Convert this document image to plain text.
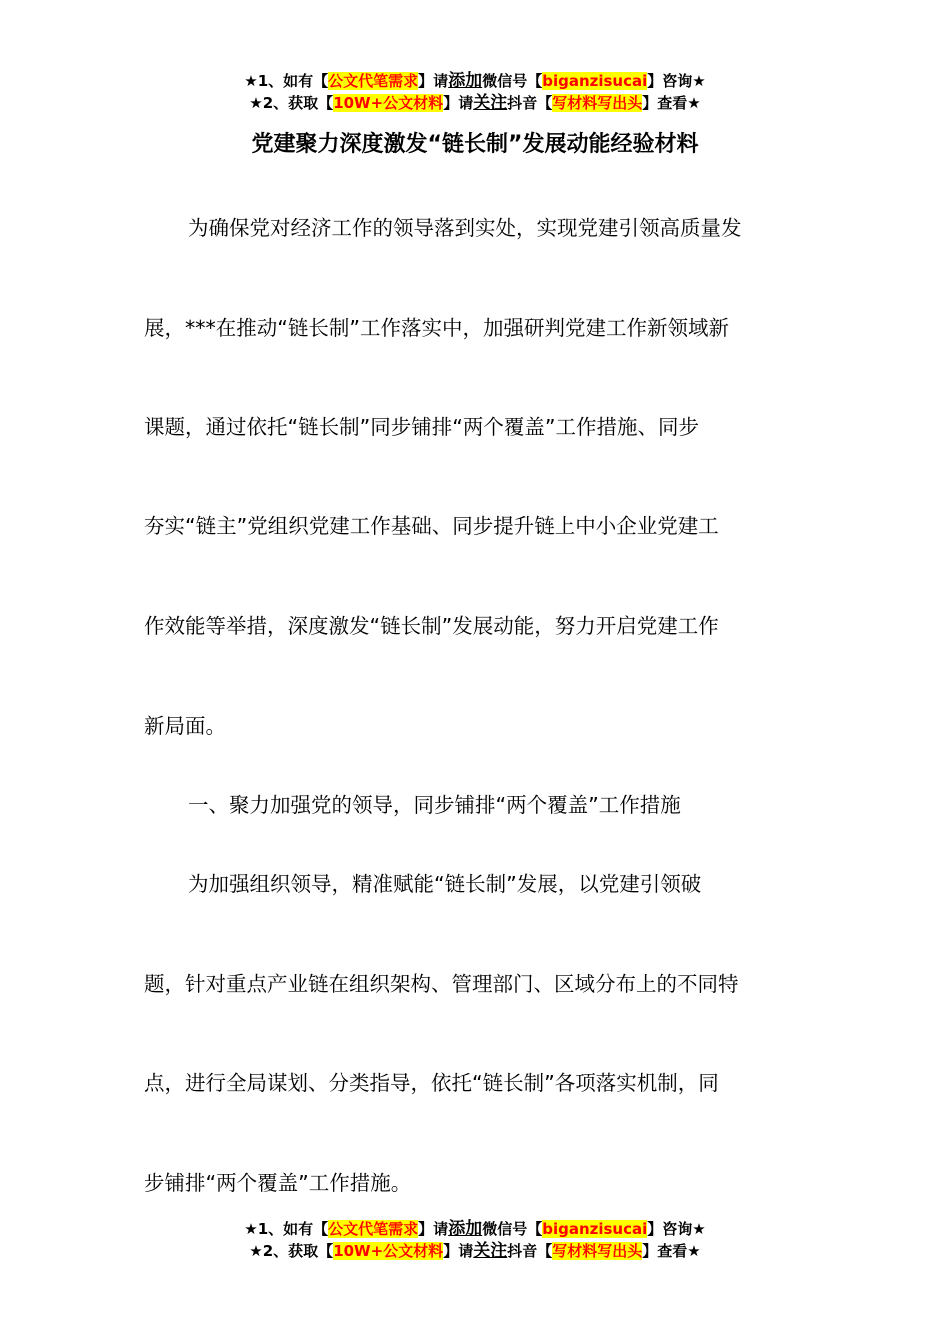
★1、如有【公文代笔需求】请添加微信号【biganzisucai】咨询★
★2、获取【10W+公文材料】请关注抖音【写材料写出头】查看★
党建聚力深度激发“链长制”发展动能经验材料
为确保党对经济工作的领导落到实处，实现党建引领高质量发
展，***在推动“链长制”工作落实中，加强研判党建工作新领域新
课题，通过依托“链长制”同步铺排“两个覆盖”工作措施、同步
夯实“链主”党组织党建工作基础、同步提升链上中小企业党建工
作效能等举措，深度激发“链长制”发展动能，努力开启党建工作
新局面。
一、聚力加强党的领导，同步铺排“两个覆盖”工作措施
为加强组织领导，精准赋能“链长制”发展，以党建引领破
题，针对重点产业链在组织架构、管理部门、区域分布上的不同特
点，进行全局谋划、分类指导，依托“链长制”各项落实机制，同
步铺排“两个覆盖”工作措施。
★1、如有【公文代笔需求】请添加微信号【biganzisucai】咨询★
★2、获取【10W+公文材料】请关注抖音【写材料写出头】查看★
